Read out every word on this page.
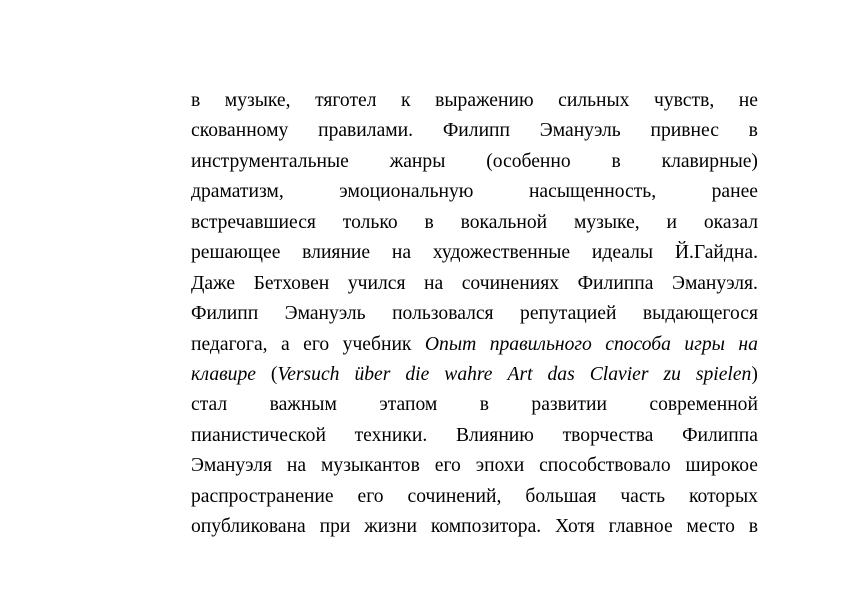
в музыке, тяготел к выражению сильных чувств, не
скованному правилами. Филипп Эмануэль привнес в
инструментальные жанры (особенно в клавирные)
драматизм,	эмоциональную	насыщенность,	ранее
встречавшиеся только в вокальной музыке, и оказал
решающее влияние на художественные идеалы Й.Гайдна.
Даже Бетховен учился на сочинениях Филиппа Эмануэля.
Филипп Эмануэль пользовался репутацией выдающегося
педагога, а его учебник Опыт правильного способа игры на
клавире (Versuch über die wahre Art das Clavier zu spielen)
стал важным этапом в развитии современной
пианистической техники. Влиянию творчества Филиппа
Эмануэля на музыкантов его эпохи способствовало широкое
распространение его сочинений, большая часть которых
опубликована при жизни композитора. Хотя главное место в
